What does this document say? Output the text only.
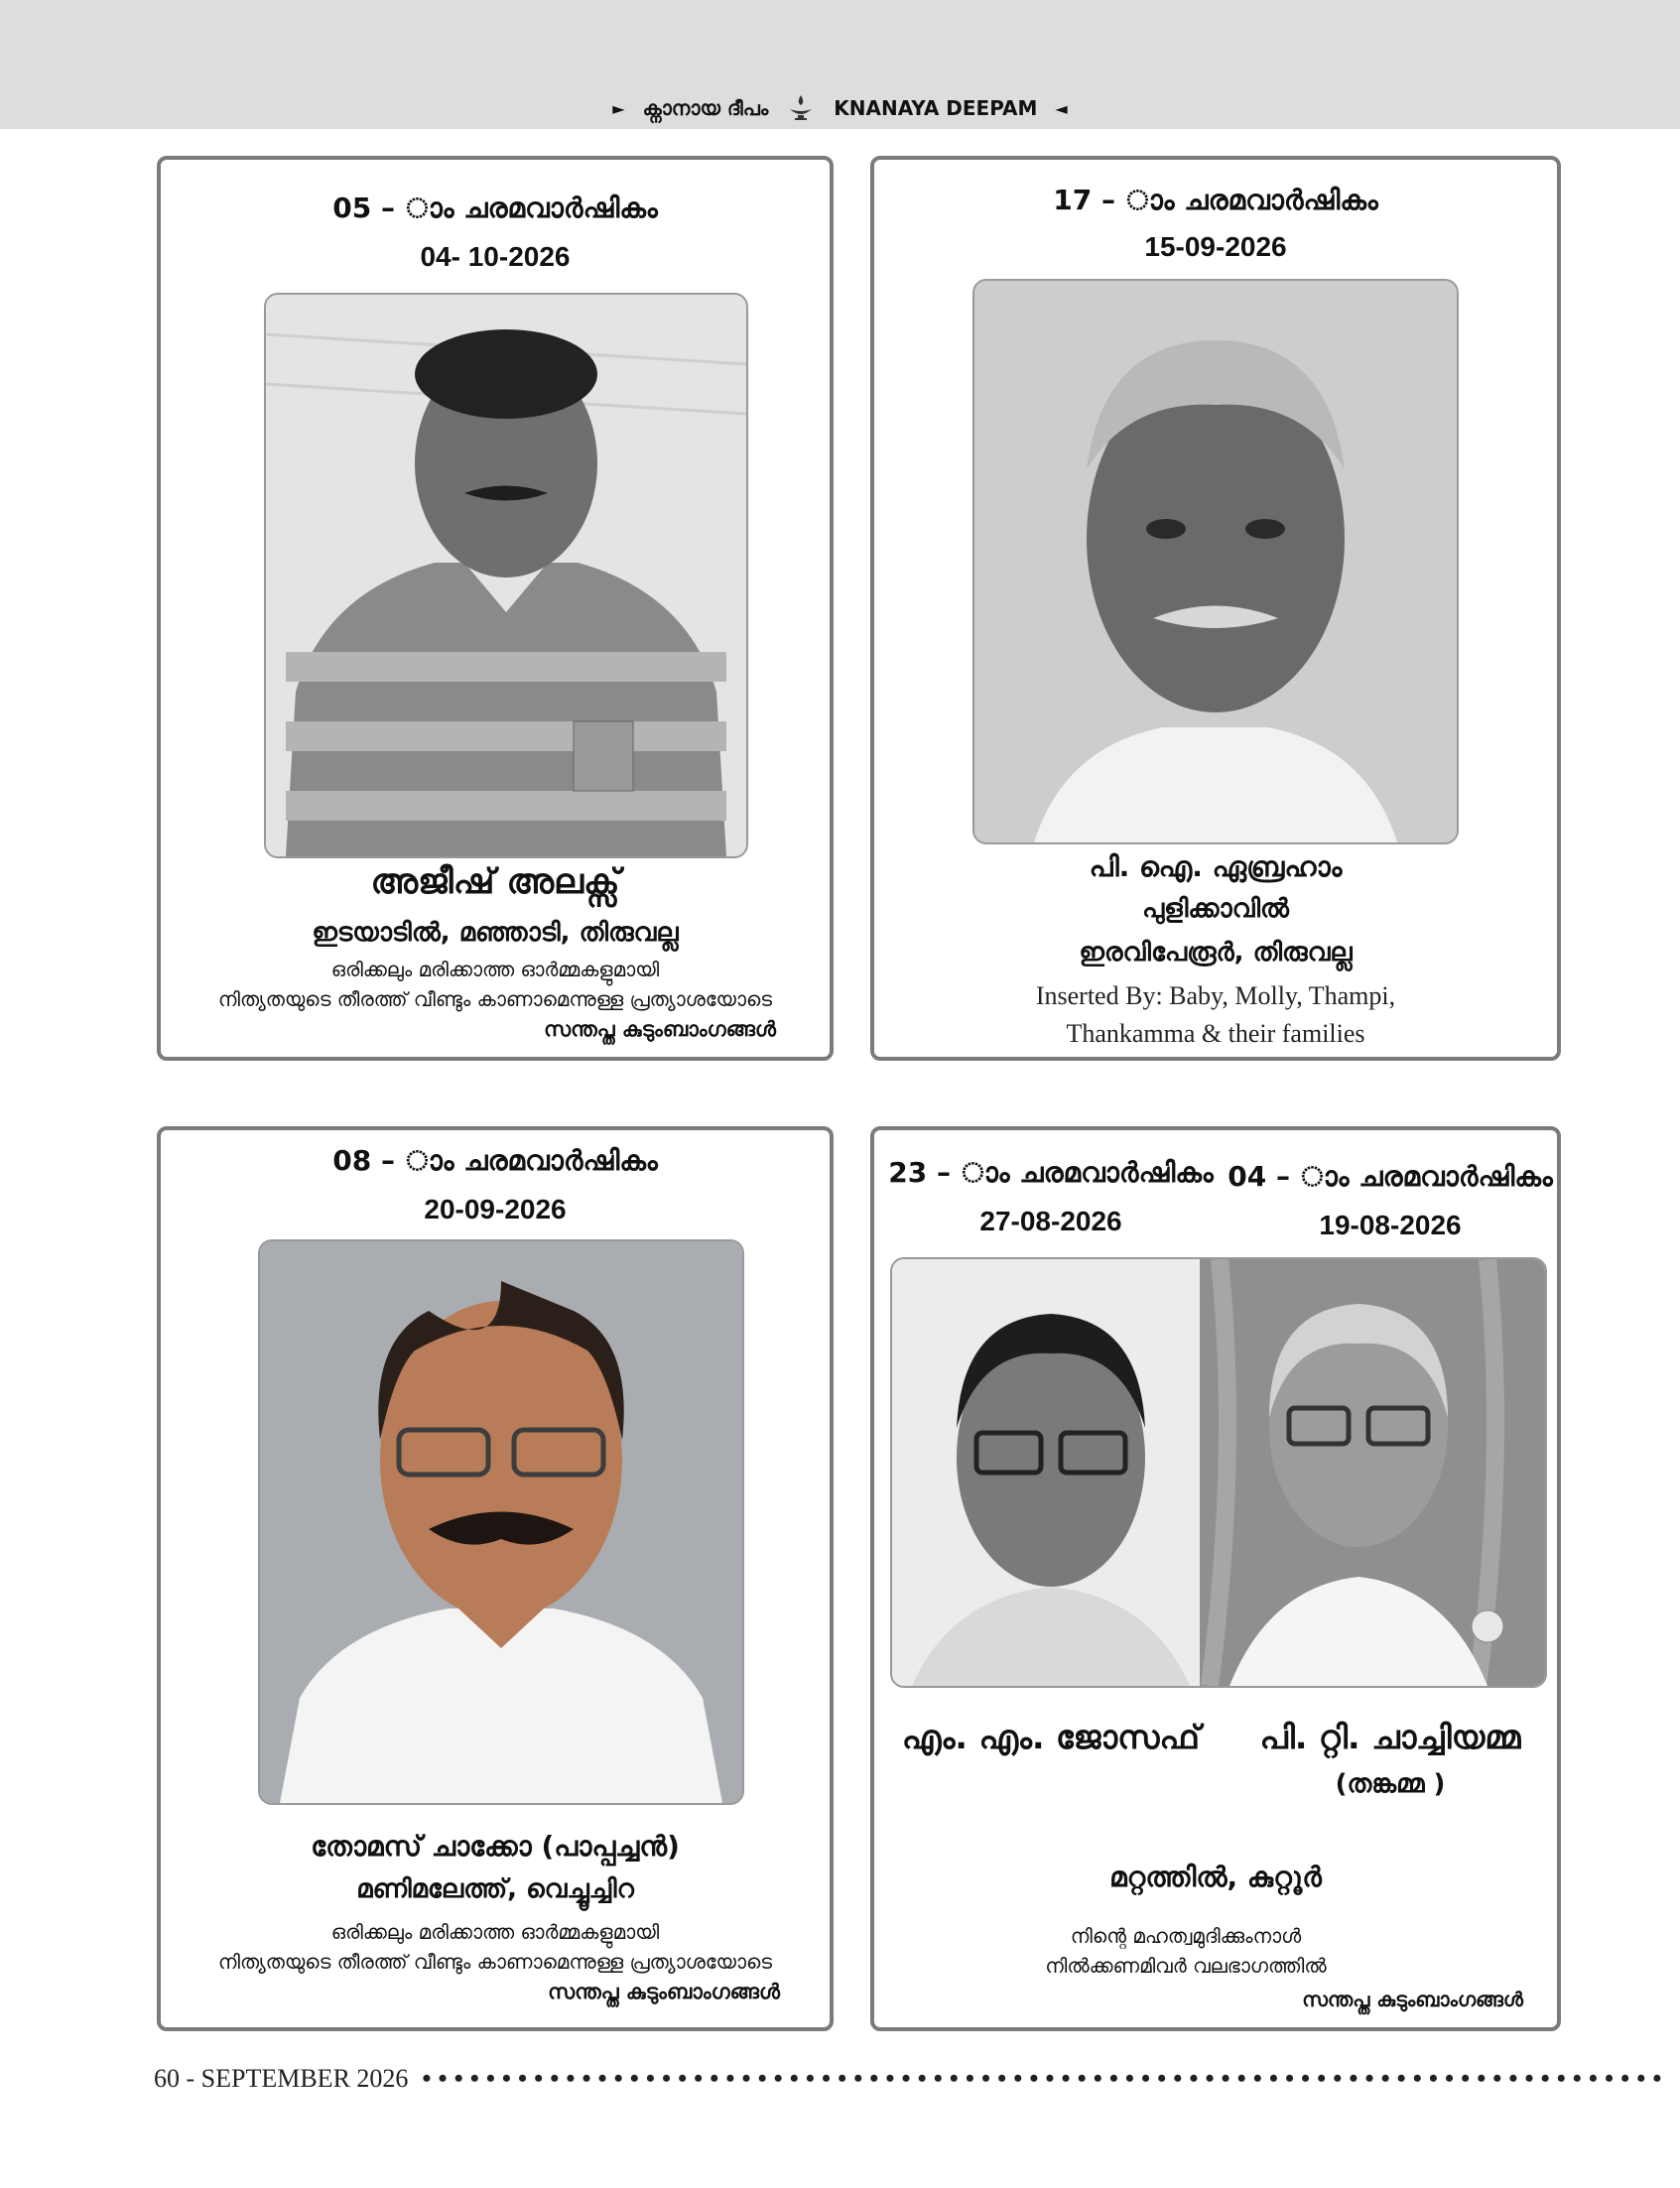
► ക്നാനായ ദീപം	KNANAYA DEEPAM ◄
05 – ാം ചരമവാർഷികം
04- 10-2026
അജീഷ് അലക്സ്
ഇടയാടിൽ, മഞ്ഞാടി, തിരുവല്ല
ഒരിക്കലും മരിക്കാത്ത ഓർമ്മകളുമായി
നിത്യതയുടെ തീരത്ത് വീണ്ടും കാണാമെന്നുള്ള പ്രത്യാശയോടെ
സന്തപ്ത കുടുംബാംഗങ്ങൾ
17 – ാം ചരമവാർഷികം
15-09-2026
പി. ഐ. ഏബ്രഹാം
പുളിക്കാവിൽ
ഇരവിപേരൂർ, തിരുവല്ല
Inserted By: Baby, Molly, Thampi,
Thankamma & their families
08 – ാം ചരമവാർഷികം
20-09-2026
തോമസ് ചാക്കോ (പാപ്പച്ചൻ)
മണിമലേത്ത്, വെച്ചൂച്ചിറ
ഒരിക്കലും മരിക്കാത്ത ഓർമ്മകളുമായി
നിത്യതയുടെ തീരത്ത് വീണ്ടും കാണാമെന്നുള്ള പ്രത്യാശയോടെ
സന്തപ്ത കുടുംബാംഗങ്ങൾ
23 – ാം ചരമവാർഷികം
27-08-2026
04 – ാം ചരമവാർഷികം
19-08-2026
എം. എം. ജോസഫ്	പി. റ്റി. ചാച്ചിയമ്മ
(തങ്കമ്മ )
മറ്റത്തിൽ, കുറ്റൂർ
നിന്റെ മഹത്വമുദിക്കുംനാൾ
നിൽക്കണമിവർ വലഭാഗത്തിൽ
സന്തപ്ത കുടുംബാംഗങ്ങൾ
60 - SEPTEMBER 2026 ••••••••••••••••••••••••••••••••••••••••••••••••••••••••••••••••••••••••••••••
